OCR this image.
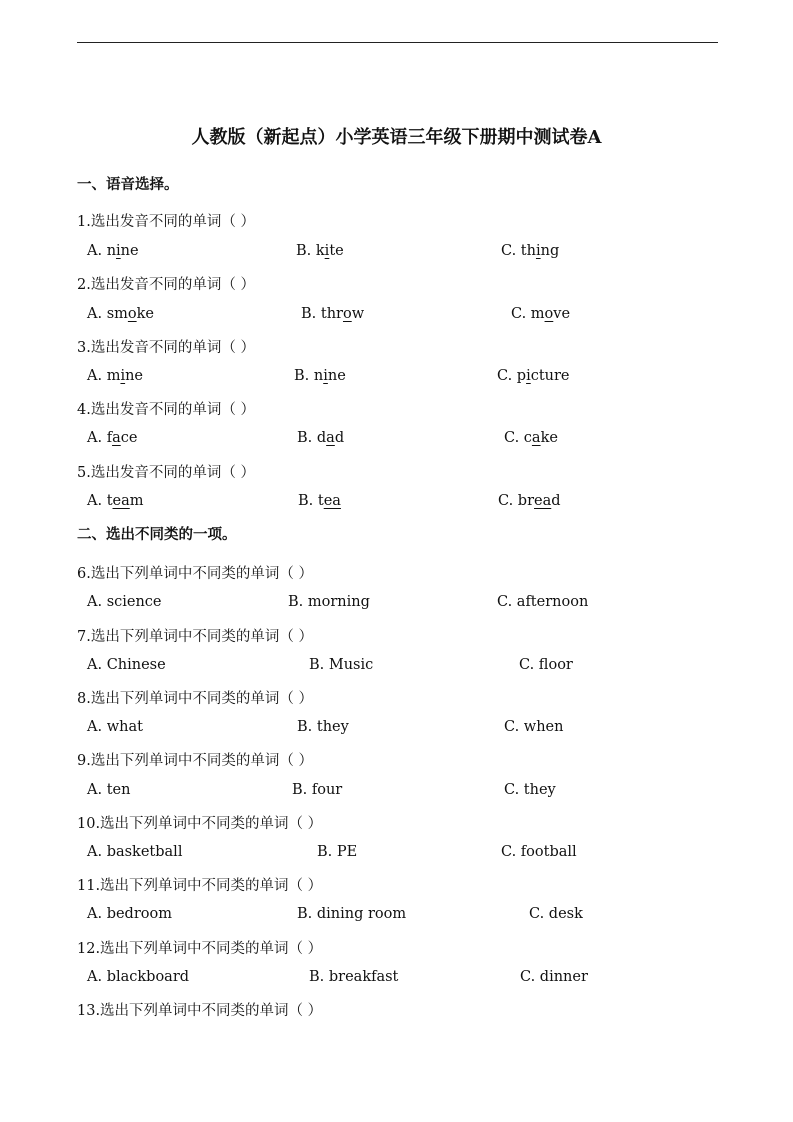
人教版（新起点）小学英语三年级下册期中测试卷A
一、语音选择。
1.选出发音不同的单词（ ）
A. nine	B. kite	C. thing
2.选出发音不同的单词（ ）
A. smoke	B. throw	C. move
3.选出发音不同的单词（ ）
A. mine	B. nine	C. picture
4.选出发音不同的单词（ ）
A. face	B. dad	C. cake
5.选出发音不同的单词（ ）
A. team	B. tea	C. bread
二、选出不同类的一项。
6.选出下列单词中不同类的单词（ ）
A. science	B. morning	C. afternoon
7.选出下列单词中不同类的单词（ ）
A. Chinese	B. Music	C. floor
8.选出下列单词中不同类的单词（ ）
A. what	B. they	C. when
9.选出下列单词中不同类的单词（ ）
A. ten	B. four	C. they
10.选出下列单词中不同类的单词（ ）
A. basketball	B. PE	C. football
11.选出下列单词中不同类的单词（ ）
A. bedroom	B. dining room	C. desk
12.选出下列单词中不同类的单词（ ）
A. blackboard	B. breakfast	C. dinner
13.选出下列单词中不同类的单词（ ）
